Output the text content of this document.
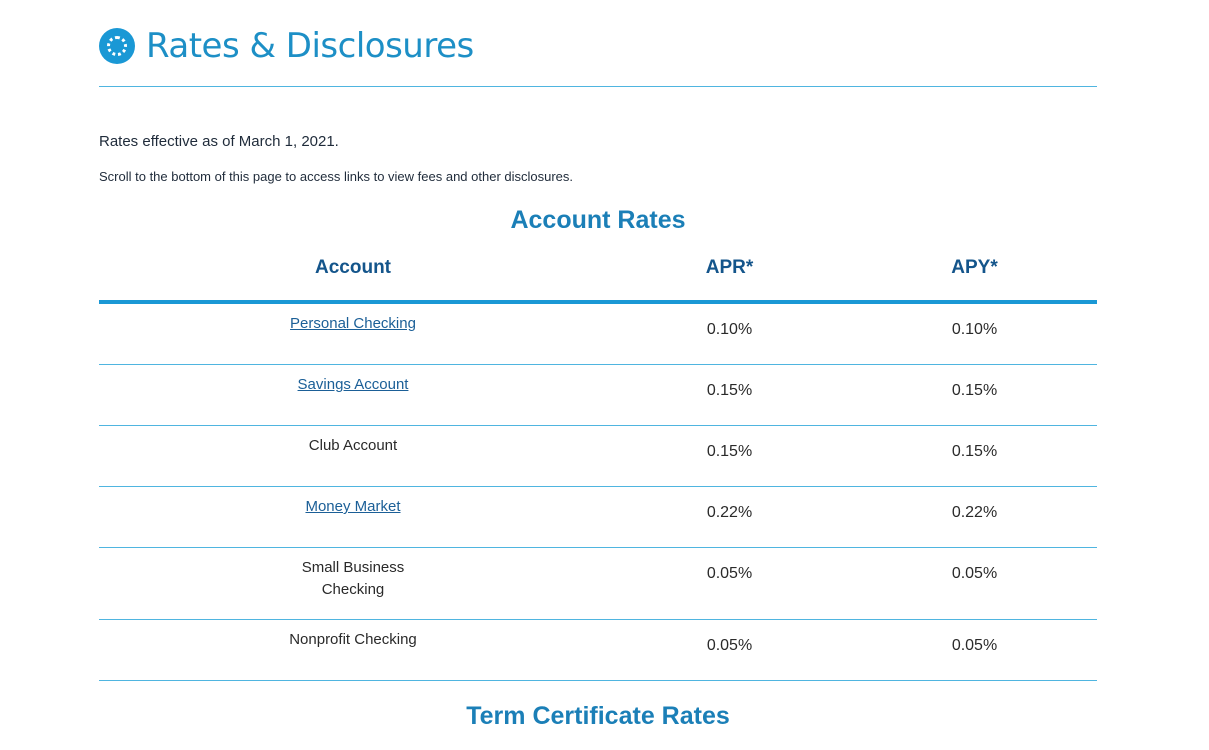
Rates & Disclosures

Rates effective as of March 1, 2021.

Scroll to the bottom of this page to access links to view fees and other disclosures.

Account Rates
Account	APR*	APY*
Personal Checking	0.10%	0.10%
Savings Account	0.15%	0.15%
Club Account	0.15%	0.15%
Money Market	0.22%	0.22%
Small Business Checking	0.05%	0.05%
Nonprofit Checking	0.05%	0.05%
Term Certificate Rates
